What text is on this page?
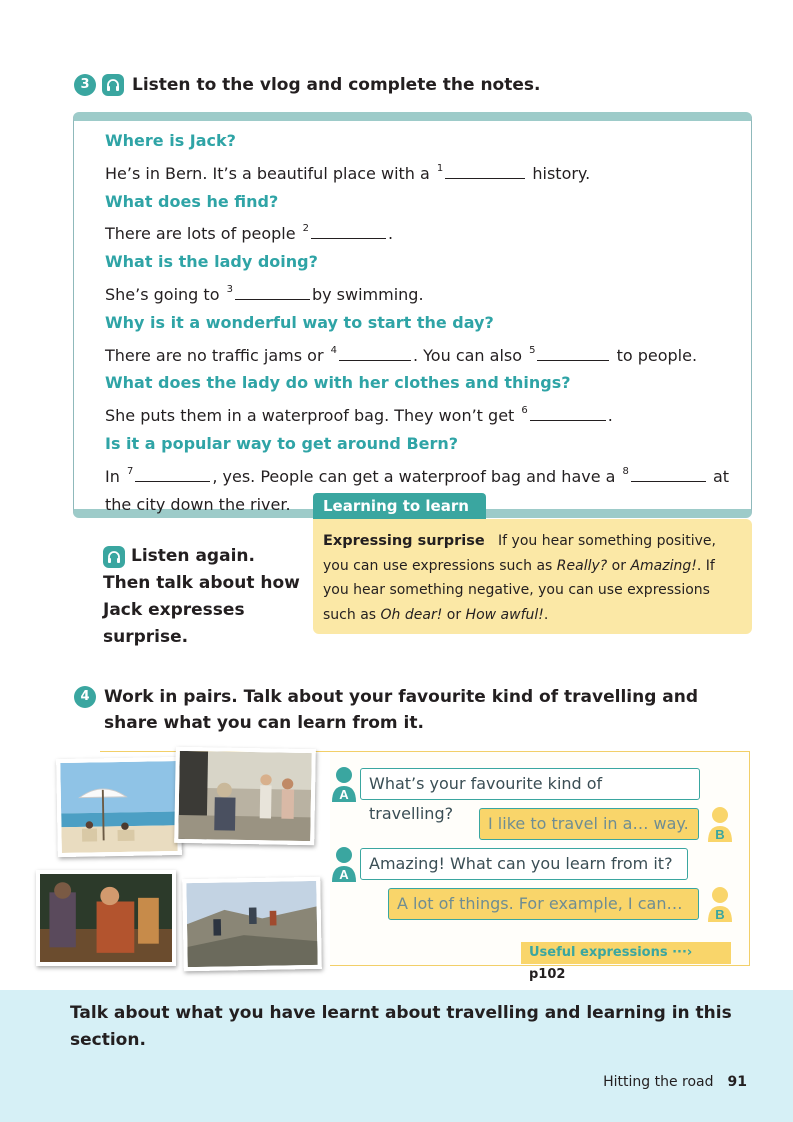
3	Listen to the vlog and complete the notes.
Where is Jack?
He’s in Bern. It’s a beautiful place with a $^1$	history.
What does he find?
There are lots of people $^2$	.
What is the lady doing?
She’s going to $^3$	by swimming.
Why is it a wonderful way to start the day?
There are no traffic jams or $^4$	. You can also $^5$	to people.
What does the lady do with her clothes and things?
She puts them in a waterproof bag. They won’t get $^6$	.
Is it a popular way to get around Bern?
In $^7$	, yes. People can get a waterproof bag and have a $^8$	at
the city down the river.	Learning to learn
Expressing surprise If you hear something positive, you can use expressions such as Really? or Amazing!. If you hear something negative, you can use expressions such as Oh dear! or How awful!.
Listen again. Then talk about how Jack expresses surprise.
4 Work in pairs. Talk about your favourite kind of travelling and share what you can learn from it.
A
What’s your favourite kind of travelling?
I like to travel in a… way.
B
A
Amazing! What can you learn from it?
A lot of things. For example, I can…
B
Useful expressions ···› p102
Talk about what you have learnt about travelling and learning in this section.
Hitting the road 91
